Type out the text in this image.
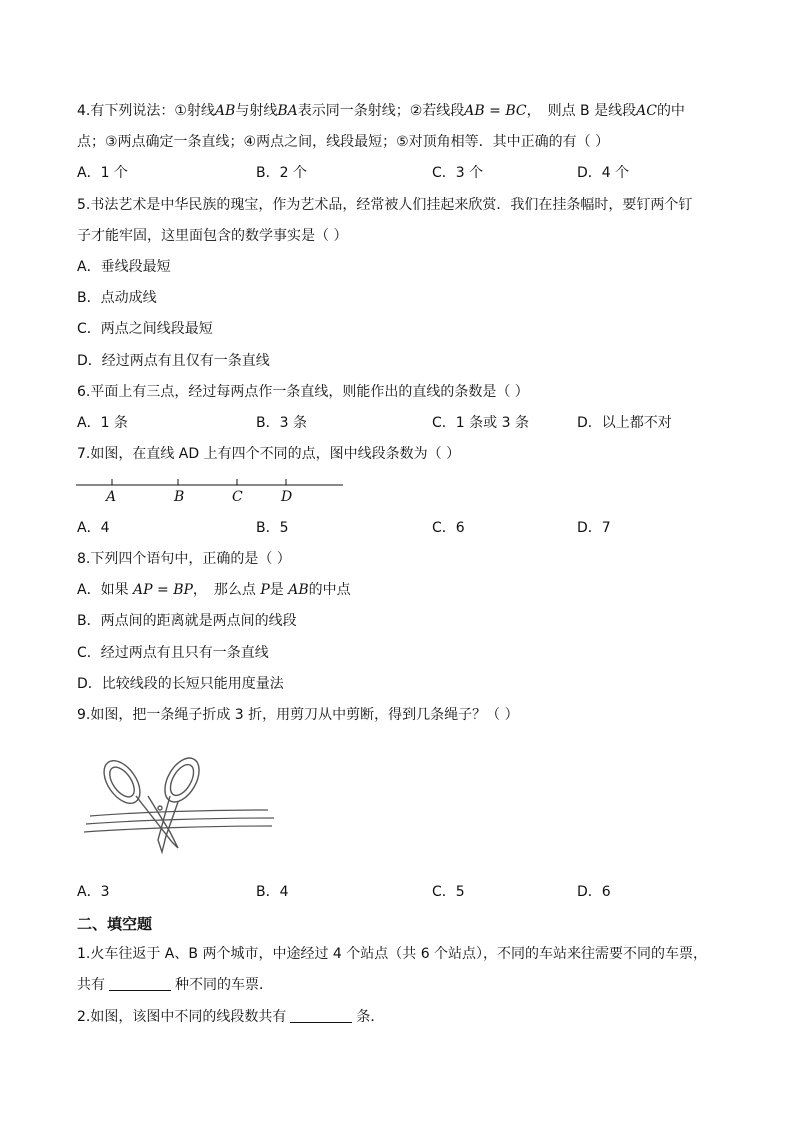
4.有下列说法：①射线AB与射线BA表示同一条射线；②若线段AB = BC，　则点 B 是线段AC的中
点；③两点确定一条直线；④两点之间，线段最短；⑤对顶角相等．其中正确的有（ ）
A．1 个	B．2 个	C．3 个	D．4 个
5.书法艺术是中华民族的瑰宝，作为艺术品，经常被人们挂起来欣赏．我们在挂条幅时，要钉两个钉
子才能牢固，这里面包含的数学事实是（ ）
A．垂线段最短
B．点动成线
C．两点之间线段最短
D．经过两点有且仅有一条直线
6.平面上有三点，经过每两点作一条直线，则能作出的直线的条数是（ ）
A．1 条	B．3 条	C．1 条或 3 条	D．以上都不对
7.如图，在直线 AD 上有四个不同的点，图中线段条数为（ ）
A	B	C	D
A．4	B．5	C．6	D．7
8.下列四个语句中，正确的是（ ）
A．如果 AP = BP，　那么点 P是 AB的中点
B．两点间的距离就是两点间的线段
C．经过两点有且只有一条直线
D．比较线段的长短只能用度量法
9.如图，把一条绳子折成 3 折，用剪刀从中剪断，得到几条绳子？（ ）
A．3	B．4	C．5	D．6
二、填空题
1.火车往返于 A、B 两个城市，中途经过 4 个站点（共 6 个站点），不同的车站来往需要不同的车票，
共有	种不同的车票．
2.如图，该图中不同的线段数共有	条．
